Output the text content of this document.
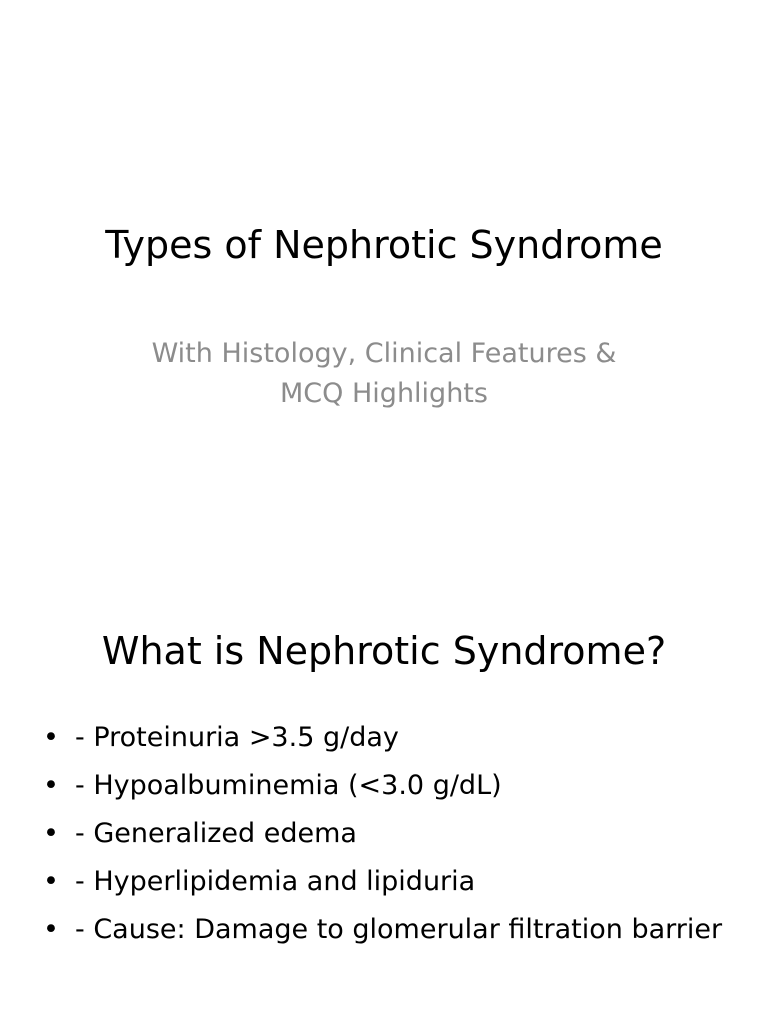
Types of Nephrotic Syndrome

With Histology, Clinical Features & MCQ Highlights

What is Nephrotic Syndrome?
• - Proteinuria >3.5 g/day
• - Hypoalbuminemia (<3.0 g/dL)
• - Generalized edema
• - Hyperlipidemia and lipiduria
• - Cause: Damage to glomerular filtration barrier
